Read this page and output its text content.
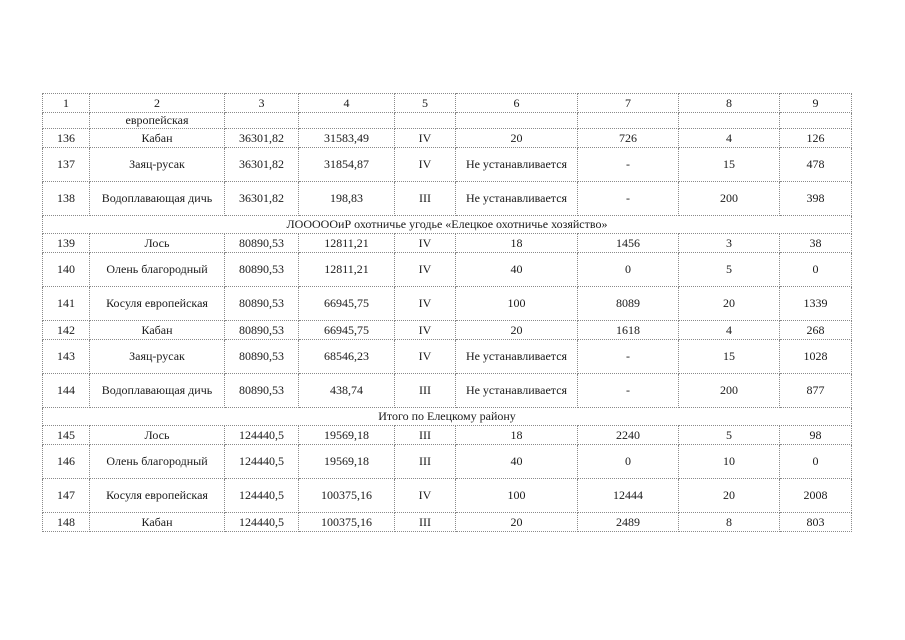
1	2	3	4	5	6	7	8	9
	европейская							
136	Кабан	36301,82	31583,49	IV	20	726	4	126
137	Заяц-русак	36301,82	31854,87	IV	Не устанавливается	-	15	478
138	Водоплавающая дичь	36301,82	198,83	III	Не устанавливается	-	200	398
ЛОООООиР охотничье угодье «Елецкое охотничье хозяйство»								
139	Лось	80890,53	12811,21	IV	18	1456	3	38
140	Олень благородный	80890,53	12811,21	IV	40	0	5	0
141	Косуля европейская	80890,53	66945,75	IV	100	8089	20	1339
142	Кабан	80890,53	66945,75	IV	20	1618	4	268
143	Заяц-русак	80890,53	68546,23	IV	Не устанавливается	-	15	1028
144	Водоплавающая дичь	80890,53	438,74	III	Не устанавливается	-	200	877
Итого по Елецкому району								
145	Лось	124440,5	19569,18	III	18	2240	5	98
146	Олень благородный	124440,5	19569,18	III	40	0	10	0
147	Косуля европейская	124440,5	100375,16	IV	100	12444	20	2008
148	Кабан	124440,5	100375,16	III	20	2489	8	803
